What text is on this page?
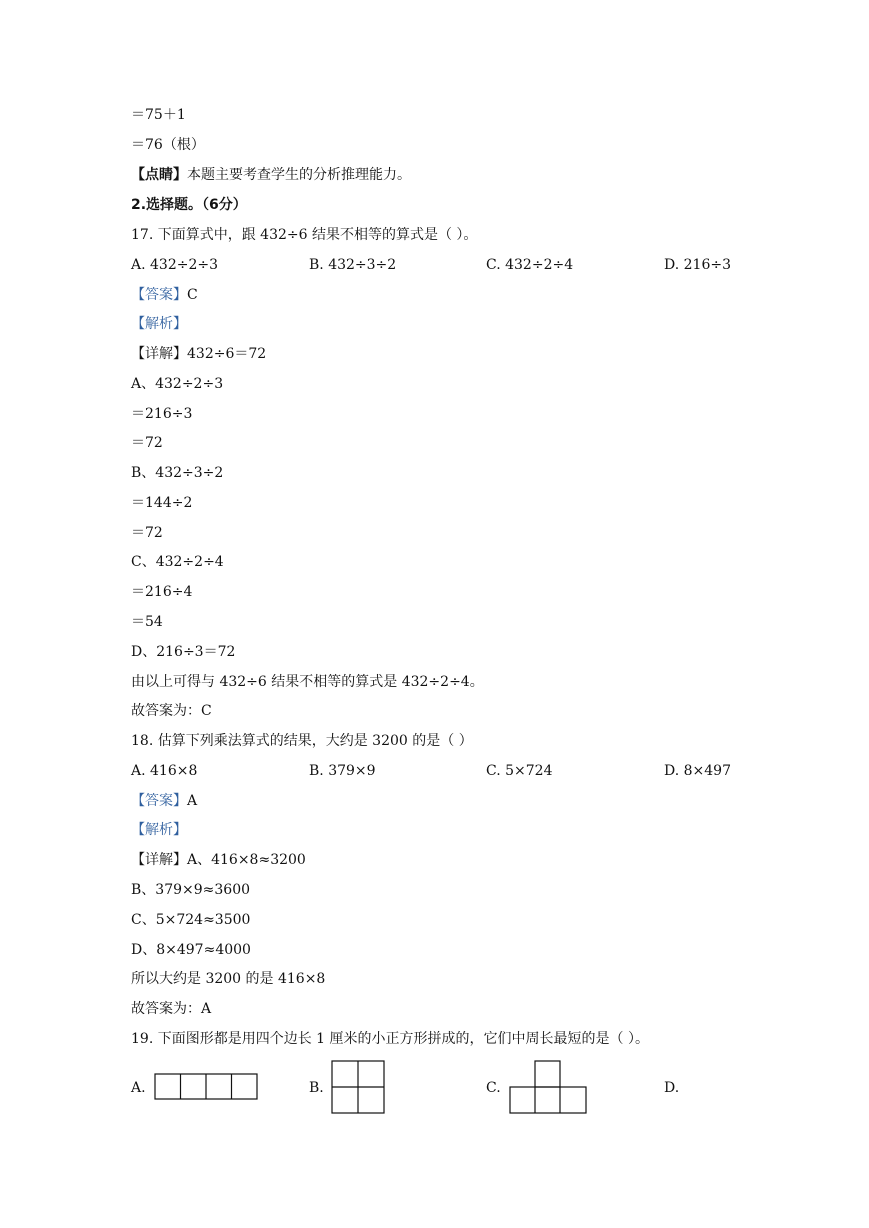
＝75＋1
＝76（根）
【点睛】本题主要考查学生的分析推理能力。
2.选择题。（6分）
17. 下面算式中，跟 432÷6 结果不相等的算式是（ ）。
A. 432÷2÷3	B. 432÷3÷2	C. 432÷2÷4	D. 216÷3
【答案】C
【解析】
【详解】432÷6＝72
A、432÷2÷3
＝216÷3
＝72
B、432÷3÷2
＝144÷2
＝72
C、432÷2÷4
＝216÷4
＝54
D、216÷3＝72
由以上可得与 432÷6 结果不相等的算式是 432÷2÷4。
故答案为：C
18. 估算下列乘法算式的结果，大约是 3200 的是（ ）
A. 416×8	B. 379×9	C. 5×724	D. 8×497
【答案】A
【解析】
【详解】A、416×8≈3200
B、379×9≈3600
C、5×724≈3500
D、8×497≈4000
所以大约是 3200 的是 416×8
故答案为：A
19. 下面图形都是用四个边长 1 厘米的小正方形拼成的，它们中周长最短的是（ ）。
A.	B.	C.	D.
